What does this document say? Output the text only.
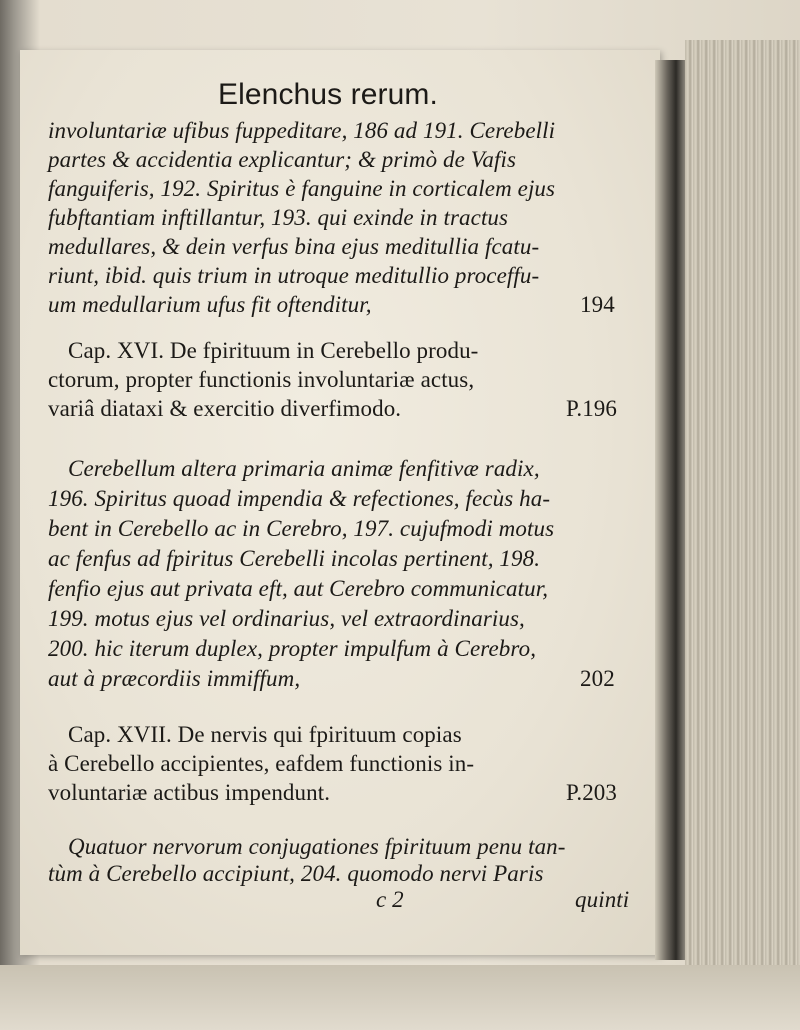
Elenchus rerum.
involuntariæ ufibus fuppeditare, 186 ad 191. Cerebelli
partes & accidentia explicantur; & primò de Vafis
fanguiferis, 192. Spiritus è fanguine in corticalem ejus
fubftantiam inftillantur, 193. qui exinde in tractus
medullares, & dein verfus bina ejus meditullia fcatu-
riunt, ibid. quis trium in utroque meditullio proceffu-
um medullarium ufus fit oftenditur,	194
Cap. XVI. De fpirituum in Cerebello produ-
ctorum, propter functionis involuntariæ actus,
variâ diataxi & exercitio diverfimodo.	P.196
Cerebellum altera primaria animæ fenfitivæ radix,
196. Spiritus quoad impendia & refectiones, fecùs ha-
bent in Cerebello ac in Cerebro, 197. cujufmodi motus
ac fenfus ad fpiritus Cerebelli incolas pertinent, 198.
fenfio ejus aut privata eft, aut Cerebro communicatur,
199. motus ejus vel ordinarius, vel extraordinarius,
200. hic iterum duplex, propter impulfum à Cerebro,
aut à præcordiis immiffum,	202
Cap. XVII. De nervis qui fpirituum copias
à Cerebello accipientes, eafdem functionis in-
voluntariæ actibus impendunt.	P.203
Quatuor nervorum conjugationes fpirituum penu tan-
tùm à Cerebello accipiunt, 204. quomodo nervi Paris
c 2	quinti
